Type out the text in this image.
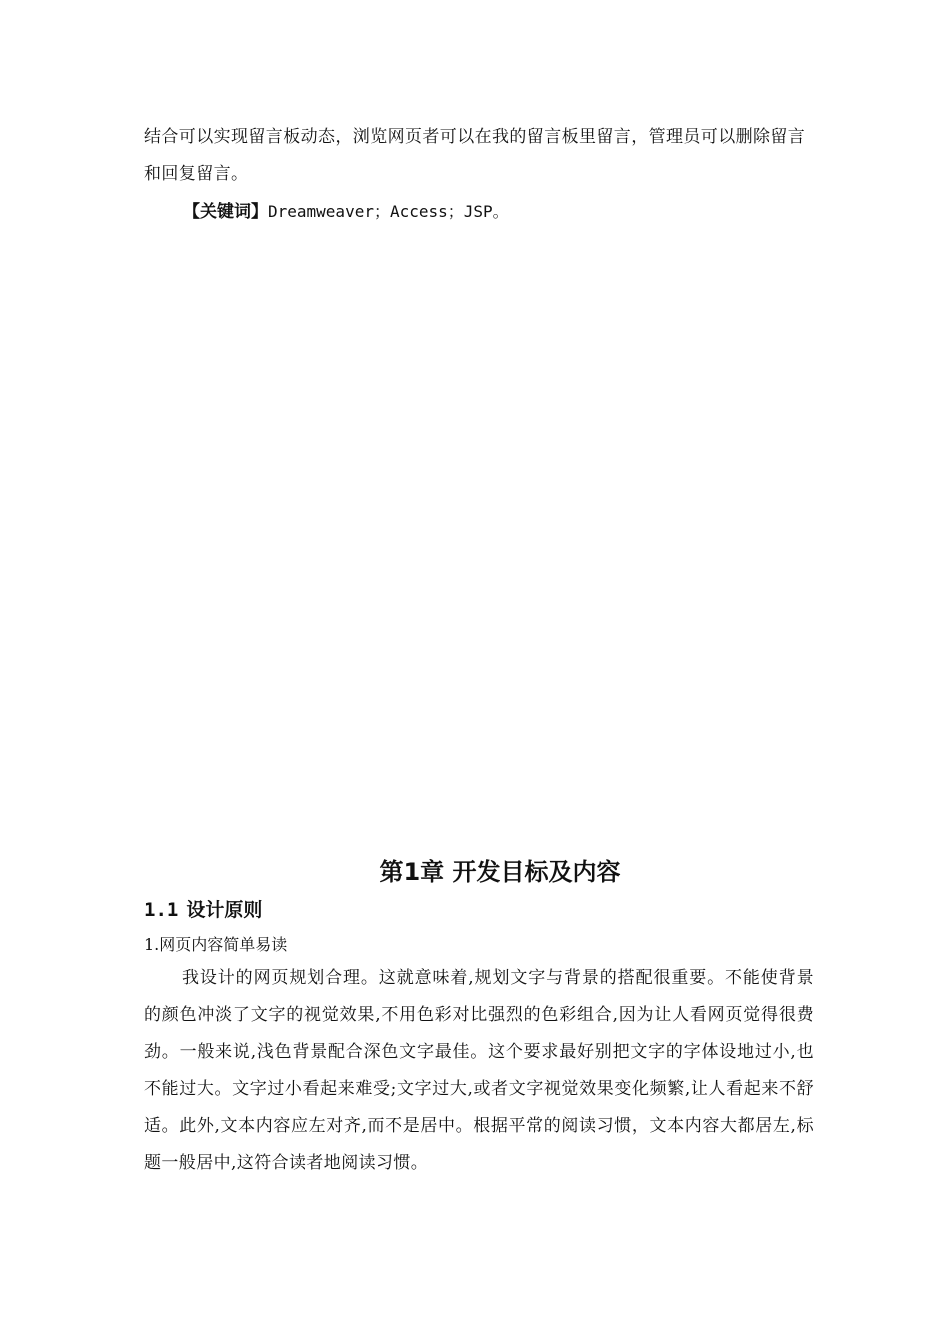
结合可以实现留言板动态，浏览网页者可以在我的留言板里留言，管理员可以删除留言和回复留言。

【关键词】Dreamweaver；Access；JSP。
第1章 开发目标及内容
1.1 设计原则
1.网页内容简单易读

我设计的网页规划合理。这就意味着,规划文字与背景的搭配很重要。不能使背景的颜色冲淡了文字的视觉效果,不用色彩对比强烈的色彩组合,因为让人看网页觉得很费劲。一般来说,浅色背景配合深色文字最佳。这个要求最好别把文字的字体设地过小,也不能过大。文字过小看起来难受;文字过大,或者文字视觉效果变化频繁,让人看起来不舒适。此外,文本内容应左对齐,而不是居中。根据平常的阅读习惯，文本内容大都居左,标题一般居中,这符合读者地阅读习惯。
